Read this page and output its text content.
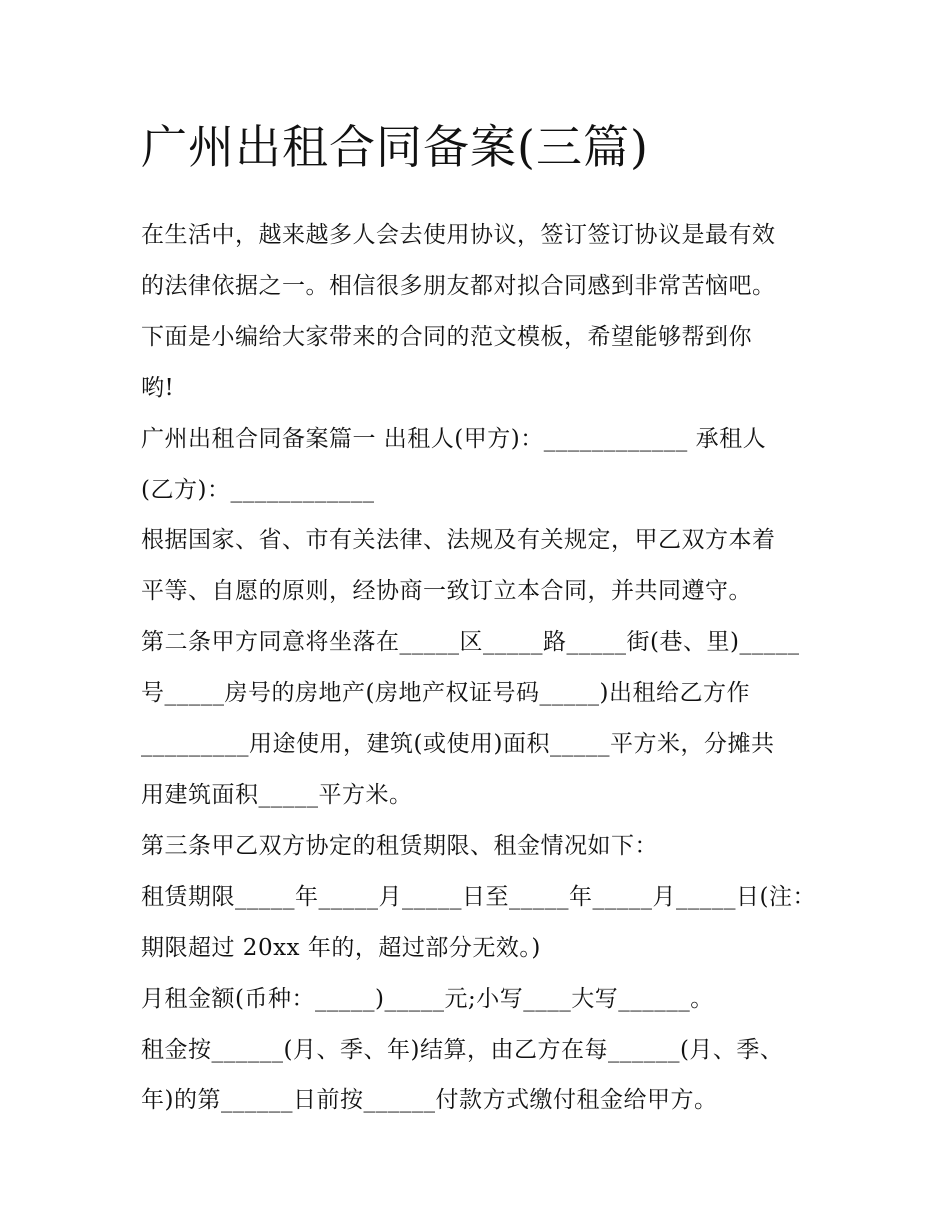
广州出租合同备案(三篇)
在生活中，越来越多人会去使用协议，签订签订协议是最有效
的法律依据之一。相信很多朋友都对拟合同感到非常苦恼吧。
下面是小编给大家带来的合同的范文模板，希望能够帮到你
哟!
广州出租合同备案篇一 出租人(甲方)：____________ 承租人
(乙方)：____________
根据国家、省、市有关法律、法规及有关规定，甲乙双方本着
平等、自愿的原则，经协商一致订立本合同，并共同遵守。
第二条甲方同意将坐落在_____区_____路_____街(巷、里)_____
号_____房号的房地产(房地产权证号码_____)出租给乙方作
_________用途使用，建筑(或使用)面积_____平方米，分摊共
用建筑面积_____平方米。
第三条甲乙双方协定的租赁期限、租金情况如下：
租赁期限_____年_____月_____日至_____年_____月_____日(注：
期限超过 20xx 年的，超过部分无效。)
月租金额(币种：_____)_____元;小写____大写______。
租金按______(月、季、年)结算，由乙方在每______(月、季、
年)的第______日前按______付款方式缴付租金给甲方。
